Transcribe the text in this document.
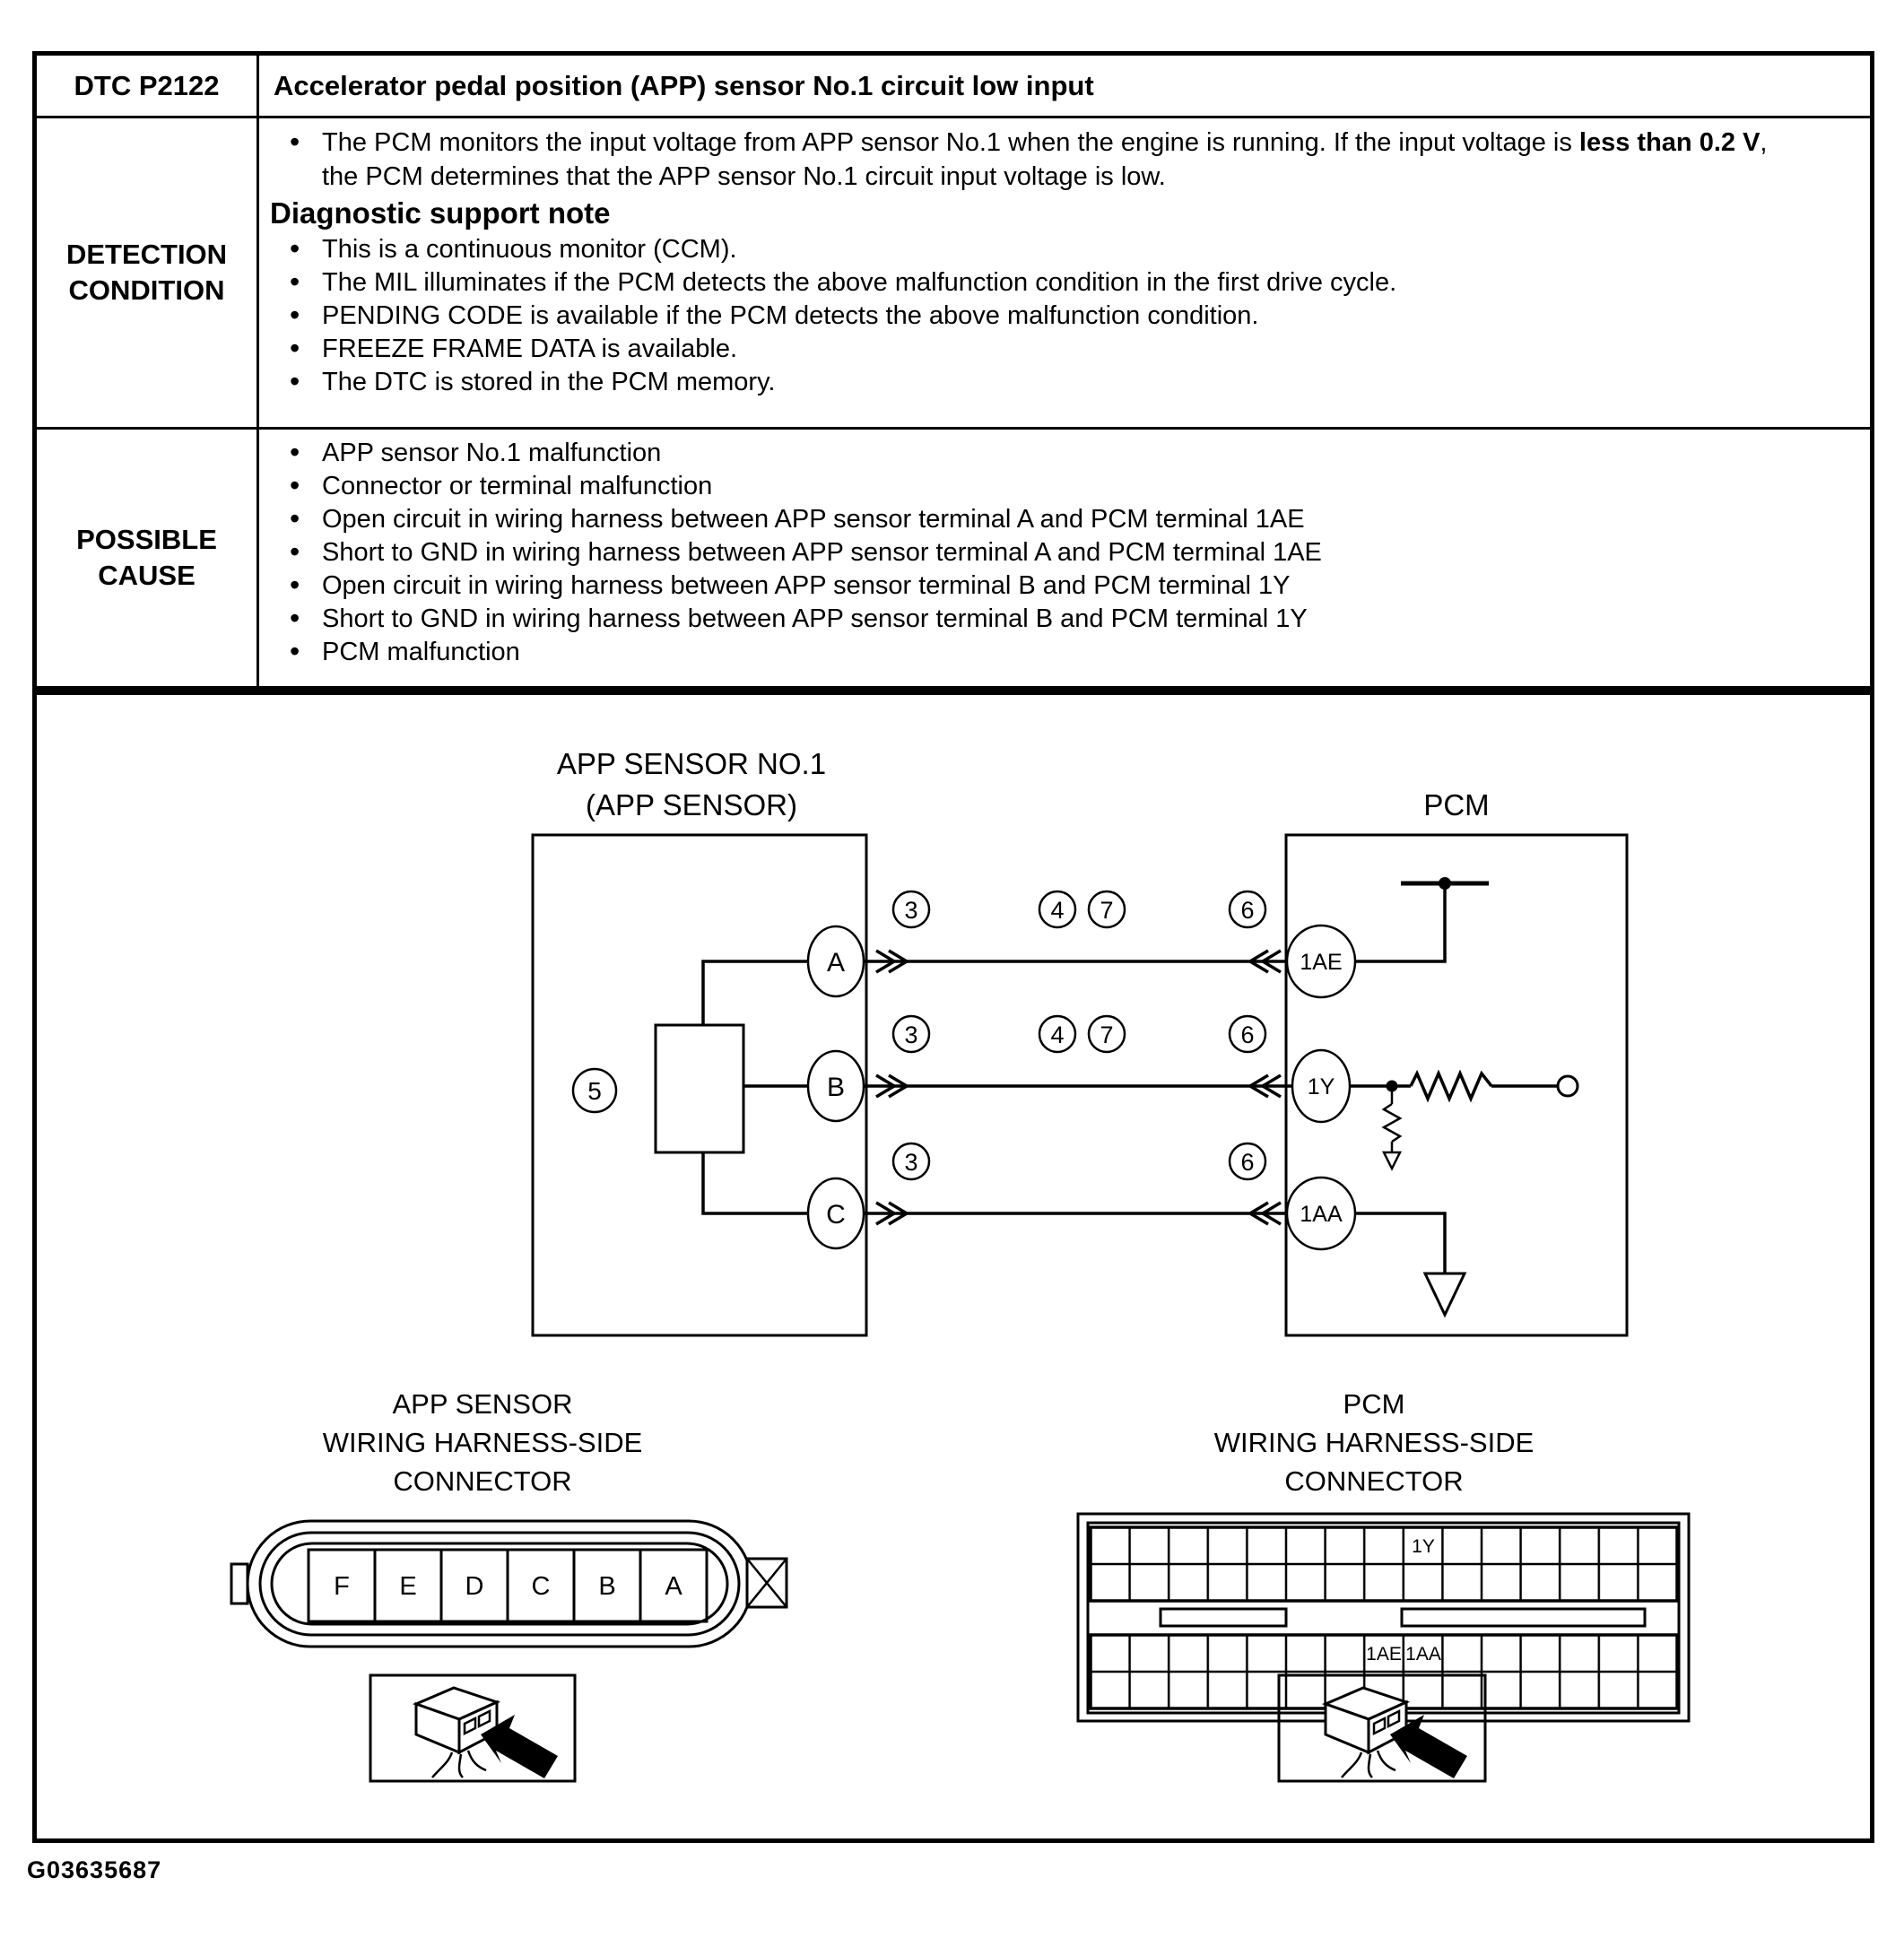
DTC P2122	Accelerator pedal position (APP) sensor No.1 circuit low input
DETECTION CONDITION
• The PCM monitors the input voltage from APP sensor No.1 when the engine is running. If the input voltage is less than 0.2 V, the PCM determines that the APP sensor No.1 circuit input voltage is low.
Diagnostic support note
• This is a continuous monitor (CCM).
• The MIL illuminates if the PCM detects the above malfunction condition in the first drive cycle.
• PENDING CODE is available if the PCM detects the above malfunction condition.
• FREEZE FRAME DATA is available.
• The DTC is stored in the PCM memory.
POSSIBLE CAUSE
• APP sensor No.1 malfunction
• Connector or terminal malfunction
• Open circuit in wiring harness between APP sensor terminal A and PCM terminal 1AE
• Short to GND in wiring harness between APP sensor terminal A and PCM terminal 1AE
• Open circuit in wiring harness between APP sensor terminal B and PCM terminal 1Y
• Short to GND in wiring harness between APP sensor terminal B and PCM terminal 1Y
• PCM malfunction
APP SENSOR NO.1
(APP SENSOR)	PCM
5
A
B
C
3	4 7	6
3	4 7	6
3	6
1AE
1Y
1AA
APP SENSOR
WIRING HARNESS-SIDE
CONNECTOR
F E D C B A
PCM
WIRING HARNESS-SIDE
CONNECTOR
1Y
1AE 1AA
G03635687
